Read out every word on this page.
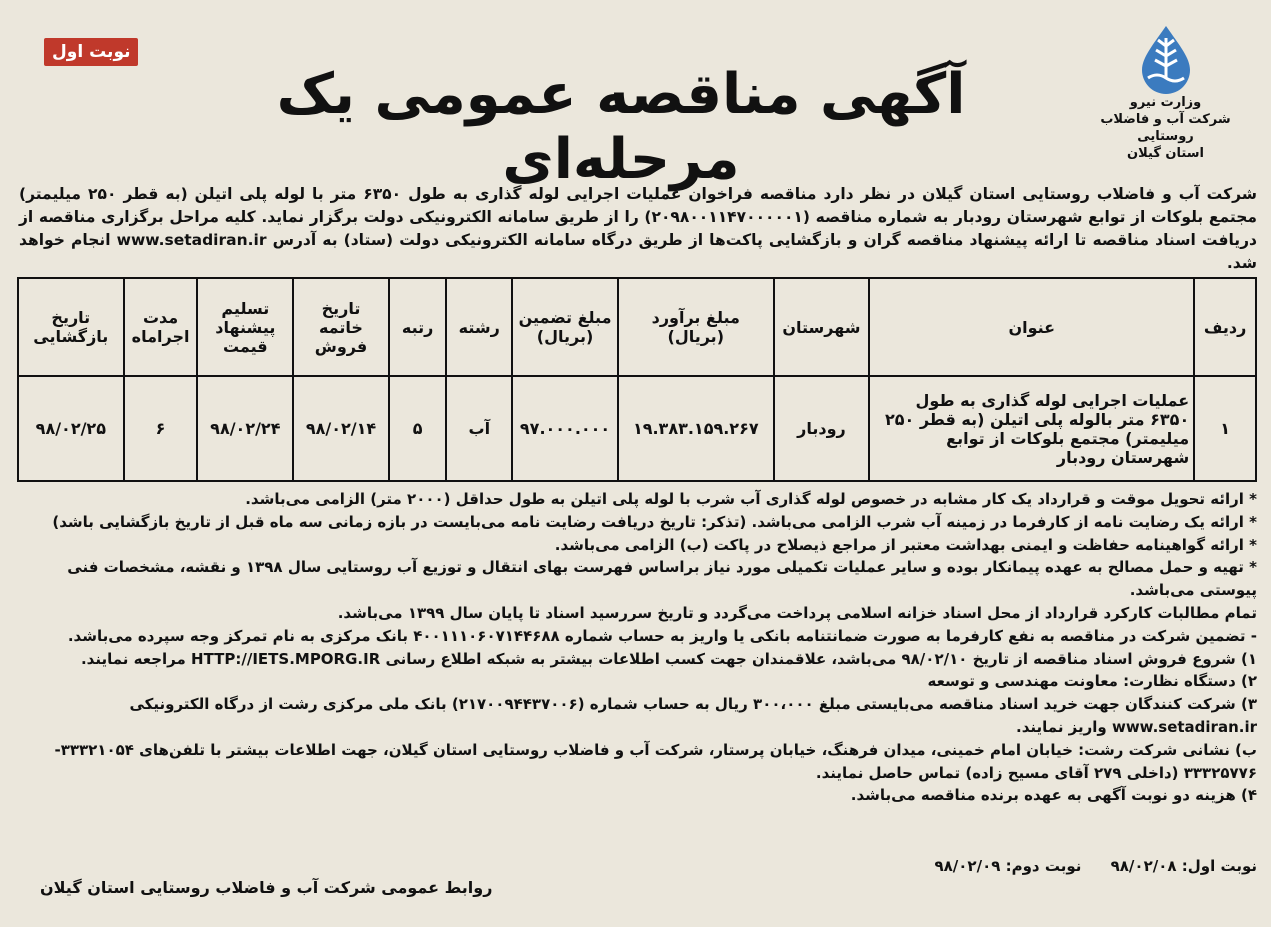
وزارت نیرو
شرکت آب و فاضلاب روستایی
استان گیلان
آگهی مناقصه عمومی یک مرحله‌ای
نوبت اول
شرکت آب و فاضلاب روستایی استان گیلان در نظر دارد مناقصه فراخوان عملیات اجرایی لوله گذاری به طول ۶۳۵۰ متر با لوله پلی اتیلن (به قطر ۲۵۰ میلیمتر) مجتمع بلوکات از توابع شهرستان رودبار به شماره مناقصه (۲۰۹۸۰۰۱۱۴۷۰۰۰۰۰۱) را از طریق سامانه الکترونیکی دولت برگزار نماید. کلیه مراحل برگزاری مناقصه از دریافت اسناد مناقصه تا ارائه پیشنهاد مناقصه گران و بازگشایی پاکت‌ها از طریق درگاه سامانه الکترونیکی دولت (ستاد) به آدرس www.setadiran.ir انجام خواهد شد.
ردیف	عنوان	شهرستان	مبلغ برآورد (بریال)	مبلغ تضمین (بریال)	رشته	رتبه	تاریخ خاتمه فروش	تسلیم پیشنهاد قیمت	مدت اجراماه	تاریخ بازگشایی
۱	عملیات اجرایی لوله گذاری به طول ۶۳۵۰ متر بالوله پلی اتیلن (به قطر ۲۵۰ میلیمتر) مجتمع بلوکات از توابع شهرستان رودبار	رودبار	۱۹.۳۸۳.۱۵۹.۲۶۷	۹۷.۰۰۰.۰۰۰	آب	۵	۹۸/۰۲/۱۴	۹۸/۰۲/۲۴	۶	۹۸/۰۲/۲۵

* ارائه تحویل موقت و قرارداد یک کار مشابه در خصوص لوله گذاری آب شرب با لوله پلی اتیلن به طول حداقل (۲۰۰۰ متر) الزامی می‌باشد.

* ارائه یک رضایت نامه از کارفرما در زمینه آب شرب الزامی می‌باشد. (تذکر: تاریخ دریافت رضایت نامه می‌بایست در بازه زمانی سه ماه قبل از تاریخ بازگشایی باشد)

* ارائه گواهینامه حفاظت و ایمنی بهداشت معتبر از مراجع ذیصلاح در پاکت (ب) الزامی می‌باشد.

* تهیه و حمل مصالح به عهده پیمانکار بوده و سایر عملیات تکمیلی مورد نیاز براساس فهرست بهای انتقال و توزیع آب روستایی سال ۱۳۹۸ و نقشه، مشخصات فنی پیوستی می‌باشد.

تمام مطالبات کارکرد قرارداد از محل اسناد خزانه اسلامی پرداخت می‌گردد و تاریخ سررسید اسناد تا پایان سال ۱۳۹۹ می‌باشد.

- تضمین شرکت در مناقصه به نفع کارفرما به صورت ضمانتنامه بانکی یا واریز به حساب شماره ۴۰۰۱۱۱۰۶۰۷۱۴۴۶۸۸ بانک مرکزی به نام تمرکز وجه سپرده می‌باشد.

۱) شروع فروش اسناد مناقصه از تاریخ ۹۸/۰۲/۱۰ می‌باشد، علاقمندان جهت کسب اطلاعات بیشتر به شبکه اطلاع رسانی HTTP://IETS.MPORG.IR مراجعه نمایند.

۲) دستگاه نظارت: معاونت مهندسی و توسعه

۳) شرکت کنندگان جهت خرید اسناد مناقصه می‌بایستی مبلغ ۳۰۰،۰۰۰ ریال به حساب شماره (۲۱۷۰۰۹۴۴۳۷۰۰۶) بانک ملی مرکزی رشت از درگاه الکترونیکی www.setadiran.ir واریز نمایند.

ب) نشانی شرکت رشت: خیابان امام خمینی، میدان فرهنگ، خیابان پرستار، شرکت آب و فاضلاب روستایی استان گیلان، جهت اطلاعات بیشتر با تلفن‌های ۳۳۳۲۱۰۵۴- ۳۳۳۲۵۷۷۶ (داخلی ۲۷۹ آقای مسیح زاده) تماس حاصل نمایند.

۴) هزینه دو نوبت آگهی به عهده برنده مناقصه می‌باشد.

نوبت اول: ۹۸/۰۲/۰۸ نوبت دوم: ۹۸/۰۲/۰۹
روابط عمومی شرکت آب و فاضلاب روستایی استان گیلان
